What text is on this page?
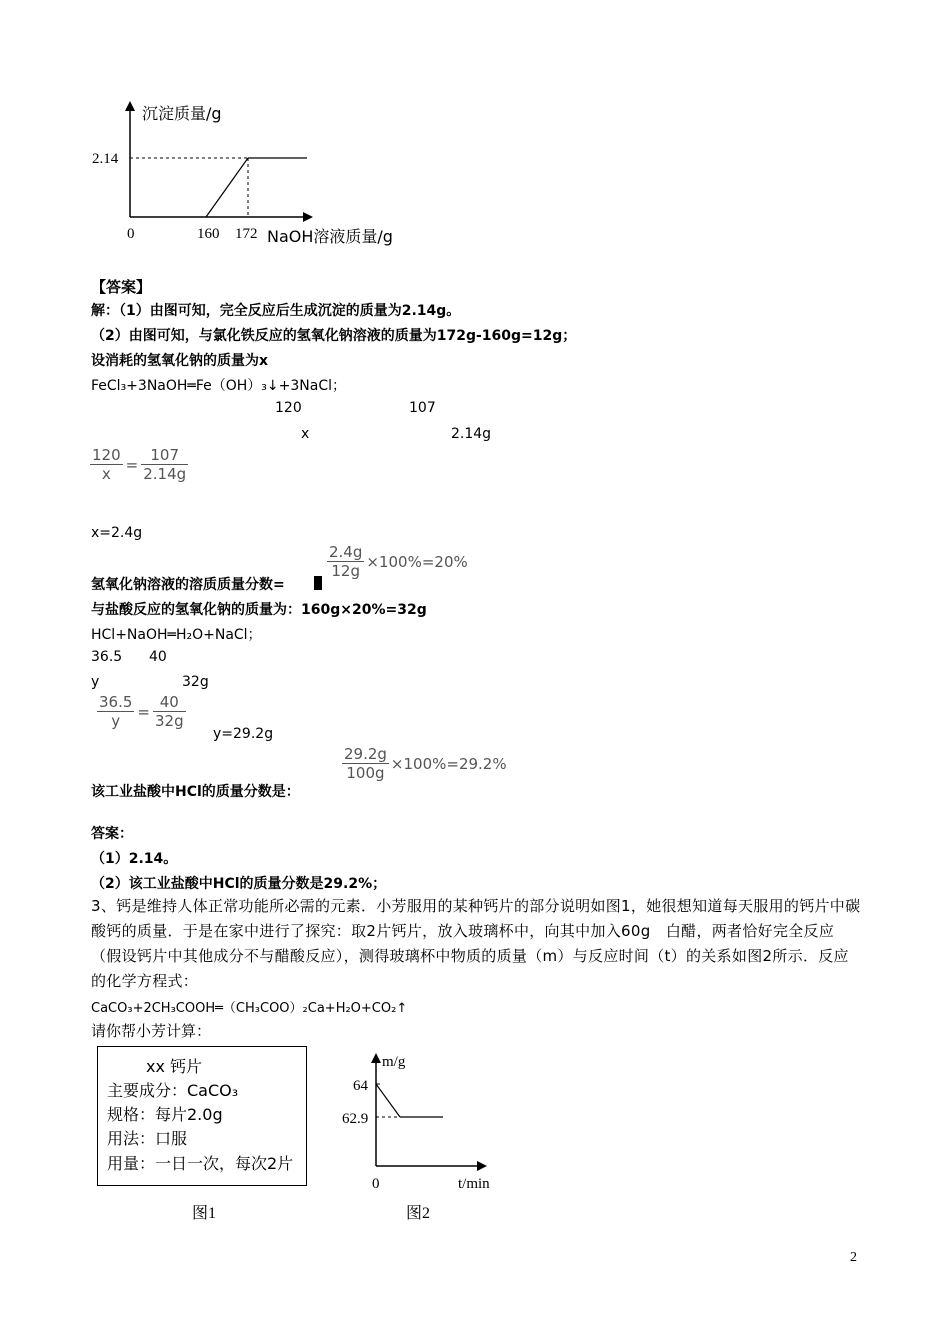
沉淀质量/g
2.14
0	160 172 NaOH溶液质量/g
【答案】
解：（1）由图可知，完全反应后生成沉淀的质量为2.14g。
（2）由图可知，与氯化铁反应的氢氧化钠溶液的质量为172g-160g=12g；
设消耗的氢氧化钠的质量为x
FeCl₃+3NaOH═Fe（OH）₃↓+3NaCl；
120	107
x	2.14g
$\frac{120}{x} = \frac{107}{2.14g}$
x=2.4g
$\frac{2.4g}{12g} \times 100\%=20\%$
氢氧化钠溶液的溶质质量分数=
与盐酸反应的氢氧化钠的质量为：160g×20%=32g
HCl+NaOH═H₂O+NaCl；
36.5 40
y	32g
$\frac{36.5}{y} = \frac{40}{32g}$
y=29.2g
$\frac{29.2g}{100g} \times 100\%=29.2\%$
该工业盐酸中HCl的质量分数是：
答案：
（1）2.14。
（2）该工业盐酸中HCl的质量分数是29.2%；
3、钙是维持人体正常功能所必需的元素．小芳服用的某种钙片的部分说明如图1，她很想知道每天服用的钙片中碳酸钙的质量．于是在家中进行了探究：取2片钙片，放入玻璃杯中，向其中加入60g　白醋，两者恰好完全反应（假设钙片中其他成分不与醋酸反应），测得玻璃杯中物质的质量（m）与反应时间（t）的关系如图2所示．反应的化学方程式：
CaCO₃+2CH₃COOH═（CH₃COO）₂Ca+H₂O+CO₂↑
请你帮小芳计算：
xx 钙片
主要成分：CaCO₃
规格：每片2.0g
用法：口服
用量：一日一次，每次2片
图1
m/g
64
62.9
0	t/min
图2
2
